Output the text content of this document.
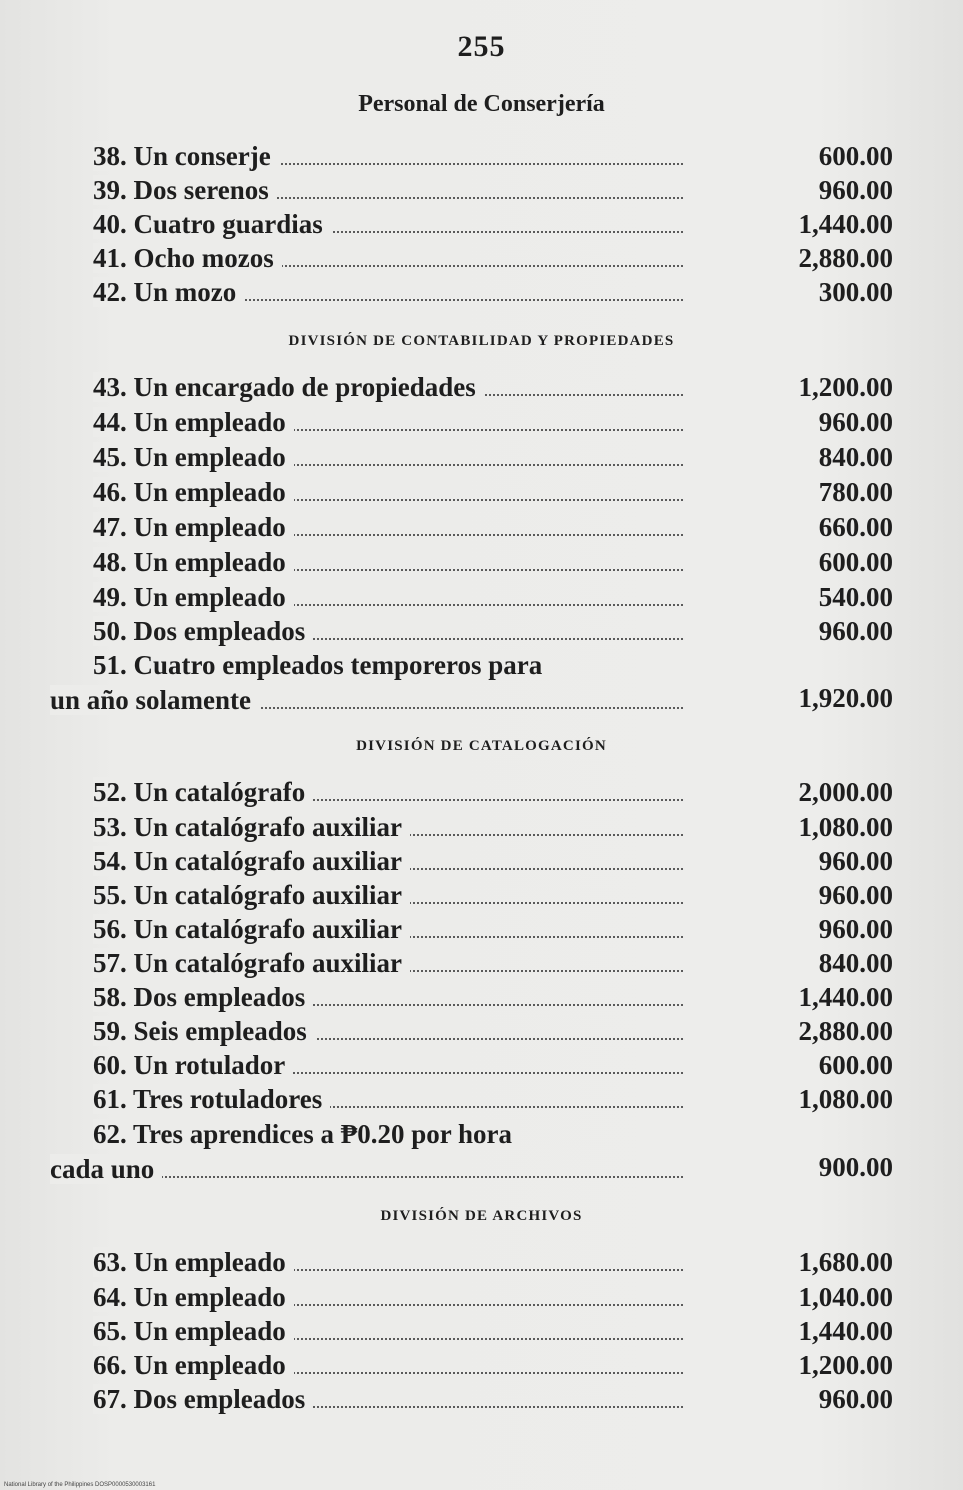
255
Personal de Conserjería
38. Un conserje	600.00
39. Dos serenos	960.00
40. Cuatro guardias	1,440.00
41. Ocho mozos	2,880.00
42. Un mozo	300.00
DIVISIÓN DE CONTABILIDAD Y PROPIEDADES
43. Un encargado de propiedades	1,200.00
44. Un empleado	960.00
45. Un empleado	840.00
46. Un empleado	780.00
47. Un empleado	660.00
48. Un empleado	600.00
49. Un empleado	540.00
50. Dos empleados	960.00
51. Cuatro empleados temporeros para
un año solamente	1,920.00
DIVISIÓN DE CATALOGACIÓN
52. Un catalógrafo	2,000.00
53. Un catalógrafo auxiliar	1,080.00
54. Un catalógrafo auxiliar	960.00
55. Un catalógrafo auxiliar	960.00
56. Un catalógrafo auxiliar	960.00
57. Un catalógrafo auxiliar	840.00
58. Dos empleados	1,440.00
59. Seis empleados	2,880.00
60. Un rotulador	600.00
61. Tres rotuladores	1,080.00
62. Tres aprendices a ₱0.20 por hora
cada uno	900.00
DIVISIÓN DE ARCHIVOS
63. Un empleado	1,680.00
64. Un empleado	1,040.00
65. Un empleado	1,440.00
66. Un empleado	1,200.00
67. Dos empleados	960.00
National Library of the Philippines DOSP0000530003161
